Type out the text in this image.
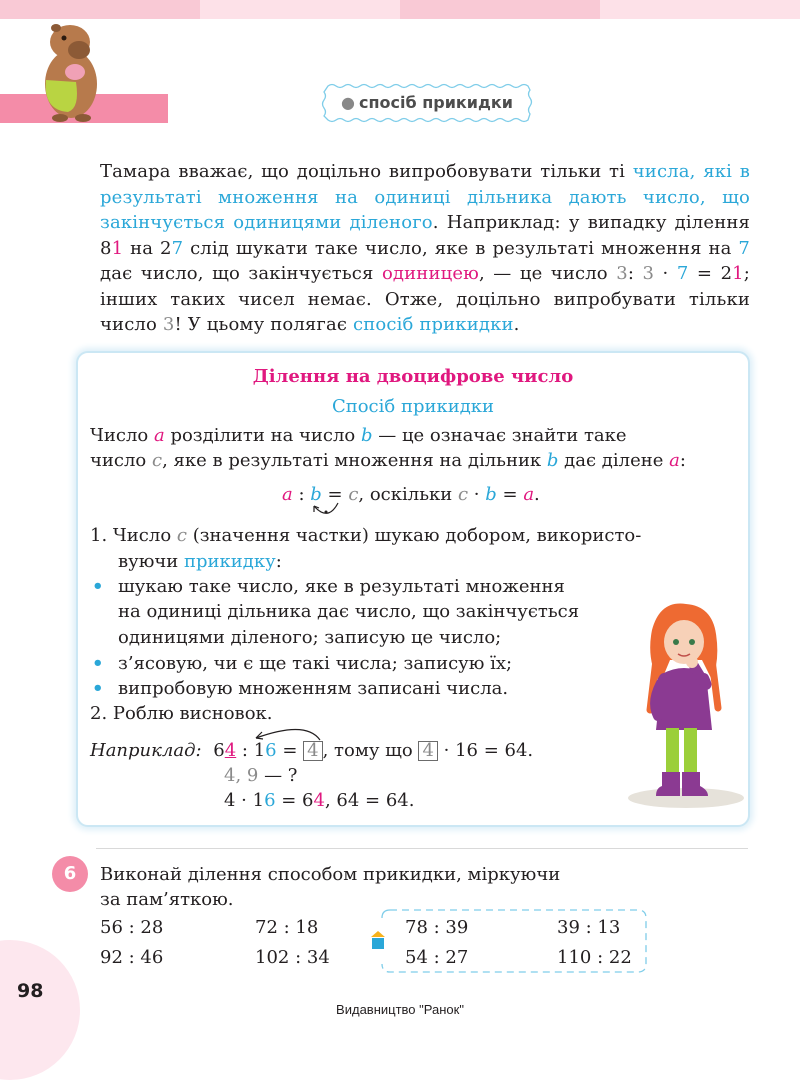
● спосіб прикидки
Тамара вважає, що доцільно випробовувати тільки ті числа, які в результаті множення на одиниці дільника дають число, що закінчується одиницями діленого. Наприклад: у випадку ділення 81 на 27 слід шукати таке число, яке в результаті множення на 7 дає число, що закінчується одиницею, — це число 3: 3 · 7 = 21; інших таких чисел немає. Отже, доцільно випробувати тільки число 3! У цьому полягає спосіб прикидки.
Ділення на двоцифрове число
Спосіб прикидки
Число a розділити на число b — це означає знайти таке
число c, яке в результаті множення на дільник b дає ділене a:
a : b = c, оскільки c · b = a.
1. Число c (значення частки) шукаю добором, використо-
вуючи прикидку:
• шукаю таке число, яке в результаті множення
на одиниці дільника дає число, що закінчується
одиницями діленого; записую це число;
• з’ясовую, чи є ще такі числа; записую їх;
• випробовую множенням записані числа.
2. Роблю висновок.
Наприклад: 64 : 16 = 4 , тому що 4 · 16 = 64.
4, 9 — ?
4 · 16 = 64, 64 = 64.
6	Виконай ділення способом прикидки, міркуючи
за пам’яткою.
56 : 28	72 : 18	78 : 39	39 : 13
92 : 46	102 : 34	54 : 27	110 : 22
98
Видавництво "Ранок"
